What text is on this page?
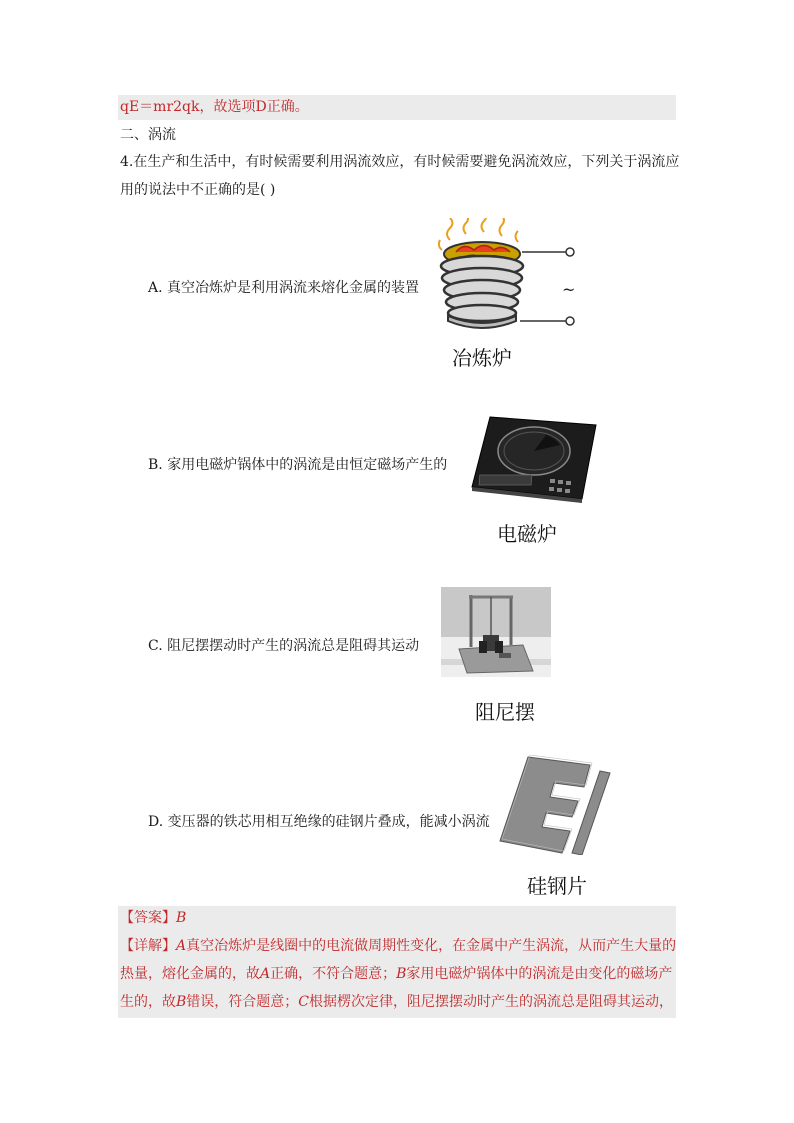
qE＝mr2qk，故选项D正确。
二、涡流
4.在生产和生活中，有时候需要利用涡流效应，有时候需要避免涡流效应，下列关于涡流应
用的说法中不正确的是( )
A. 真空冶炼炉是利用涡流来熔化金属的装置	~
冶炼炉
B. 家用电磁炉锅体中的涡流是由恒定磁场产生的
电磁炉
C. 阻尼摆摆动时产生的涡流总是阻碍其运动
阻尼摆
D. 变压器的铁芯用相互绝缘的硅钢片叠成，能减小涡流
硅钢片
【答案】B
【详解】A真空冶炼炉是线圈中的电流做周期性变化，在金属中产生涡流，从而产生大量的
热量，熔化金属的，故A正确，不符合题意；B家用电磁炉锅体中的涡流是由变化的磁场产
生的，故B错误，符合题意；C根据楞次定律，阻尼摆摆动时产生的涡流总是阻碍其运动，
